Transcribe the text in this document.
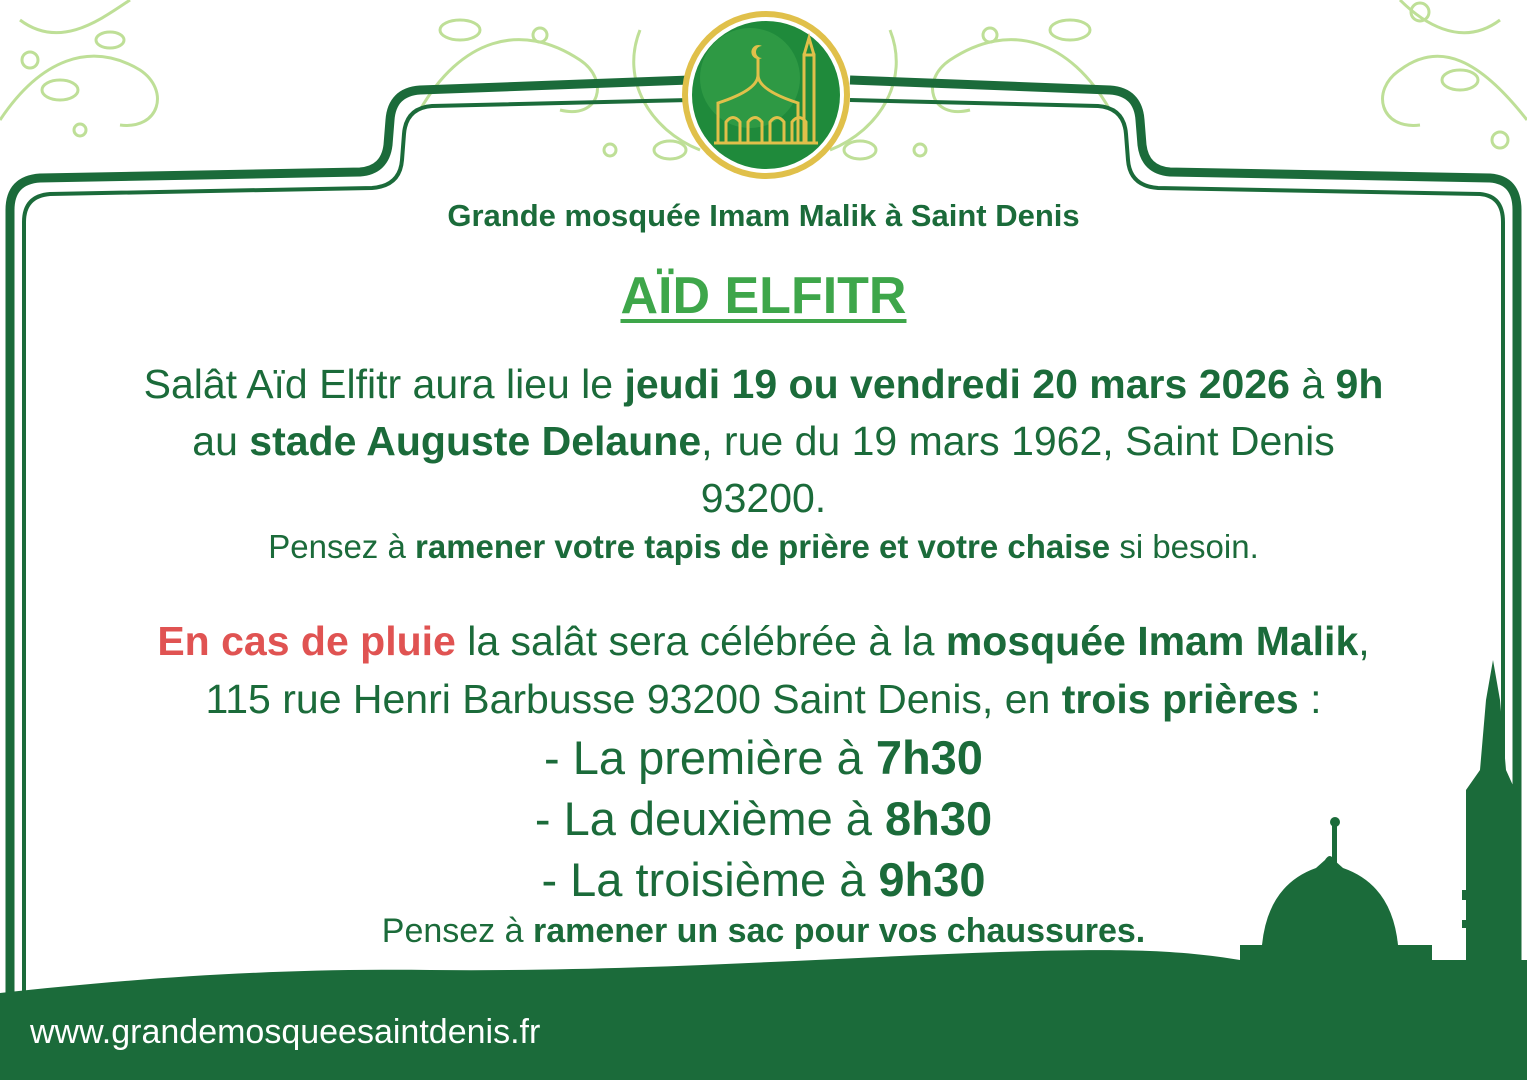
Grande mosquée Imam Malik à Saint Denis
AÏD ELFITR
Salât Aïd Elfitr aura lieu le jeudi 19 ou vendredi 20 mars 2026 à 9h
au stade Auguste Delaune, rue du 19 mars 1962, Saint Denis
93200.
Pensez à ramener votre tapis de prière et votre chaise si besoin.
En cas de pluie la salât sera célébrée à la mosquée Imam Malik,
115 rue Henri Barbusse 93200 Saint Denis, en trois prières :
- La première à 7h30
- La deuxième à 8h30
- La troisième à 9h30
Pensez à ramener un sac pour vos chaussures.
www.grandemosqueesaintdenis.fr
